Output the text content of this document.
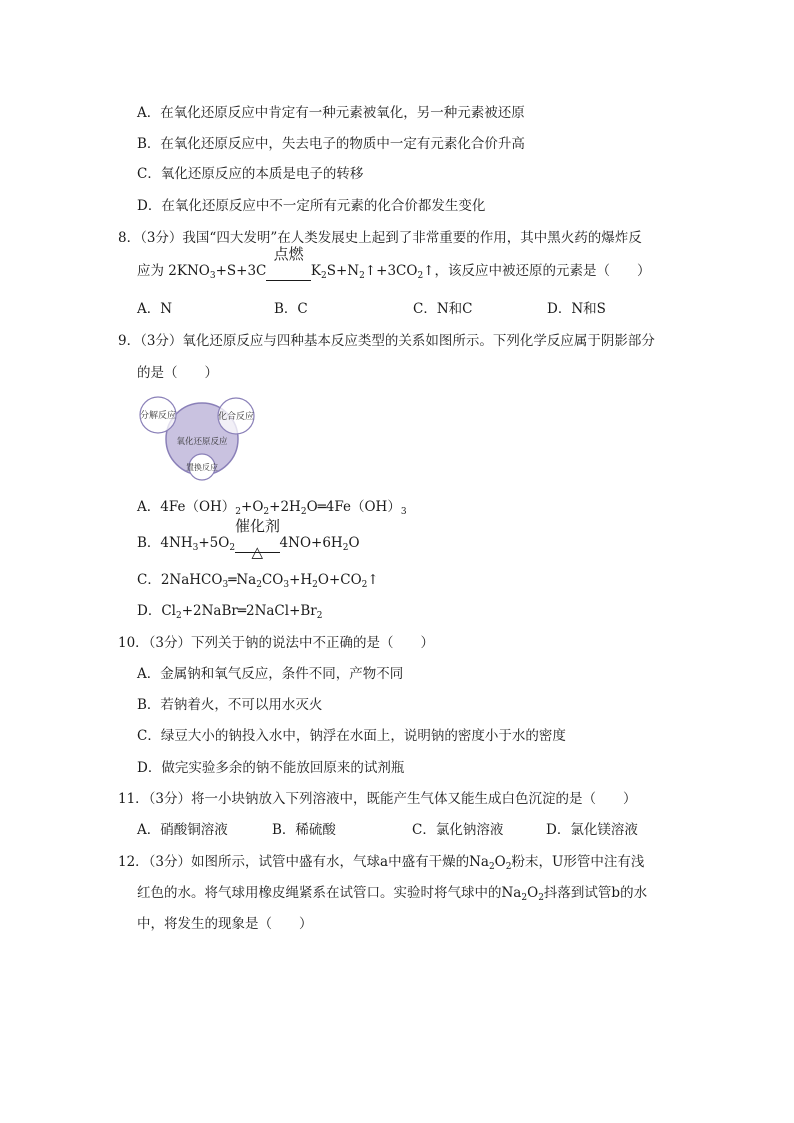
A．在氧化还原反应中肯定有一种元素被氧化，另一种元素被还原
B．在氧化还原反应中，失去电子的物质中一定有元素化合价升高
C．氧化还原反应的本质是电子的转移
D．在氧化还原反应中不一定所有元素的化合价都发生变化
8．（3分）我国“四大发明”在人类发展史上起到了非常重要的作用，其中黑火药的爆炸反
应为 $2KNO_3+S+3C$
点燃
$K_2S+N_2↑+3CO_2↑$，该反应中被还原的元素是（　　）
A．N	B．C	C．N和C	D．N和S
9．（3分）氧化还原反应与四种基本反应类型的关系如图所示。下列化学反应属于阴影部分
的是（　　）
分解反应	化合反应
氧化还原反应
置换反应
A．$4Fe(OH)_2+O_2+2H_2O═4Fe(OH)_3$
B．$4NH_3+5O_2$
催化剂
△	$4NO+6H_2O$
C．$2NaHCO_3═Na_2CO_3+H_2O+CO_2↑$
D．$Cl_2+2NaBr═2NaCl+Br_2$
10．（3分）下列关于钠的说法中不正确的是（　　）
A．金属钠和氧气反应，条件不同，产物不同
B．若钠着火，不可以用水灭火
C．绿豆大小的钠投入水中，钠浮在水面上，说明钠的密度小于水的密度
D．做完实验多余的钠不能放回原来的试剂瓶
11．（3分）将一小块钠放入下列溶液中，既能产生气体又能生成白色沉淀的是（　　）
A．硝酸铜溶液	B．稀硫酸	C．氯化钠溶液	D．氯化镁溶液
12．（3分）如图所示，试管中盛有水，气球a中盛有干燥的$Na_2O_2$粉末，U形管中注有浅
红色的水。将气球用橡皮绳紧系在试管口。实验时将气球中的$Na_2O_2$抖落到试管b的水
中，将发生的现象是（　　）
